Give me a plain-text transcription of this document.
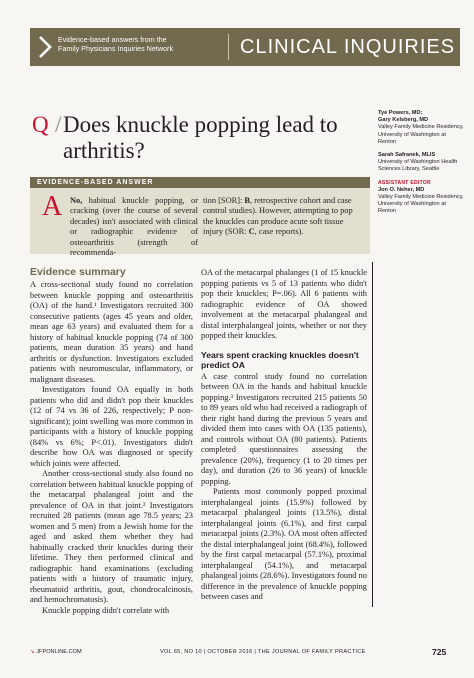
Evidence-based answers from the
Family Physicians Inquiries Network	CLINICAL INQUIRIES
Q / Does knuckle popping lead to arthritis?
Tye Powers, MD;
Gary Kelsberg, MD
Valley Family Medicine Residency, University of Washington at Renton
Sarah Safranek, MLIS
University of Washington Health Sciences Library, Seattle
ASSISTANT EDITOR
Jon O. Neher, MD
Valley Family Medicine Residency, University of Washington at Renton
EVIDENCE-BASED ANSWER
A No, habitual knuckle popping, or cracking (over the course of several decades) isn't associated with clinical or radiographic evidence of osteoarthritis (strength of recommenda-
tion [SOR]: B, retrospective cohort and case control studies). However, attempting to pop the knuckles can produce acute soft tissue injury (SOR: C, case reports).
Evidence summary

A cross-sectional study found no correlation between knuckle popping and osteoarthritis (OA) of the hand.¹ Investigators recruited 300 consecutive patients (ages 45 years and older, mean age 63 years) and evaluated them for a history of habitual knuckle popping (74 of 300 patients, mean duration 35 years) and hand arthritis or dysfunction. Investigators excluded patients with neuromuscular, inflammatory, or malignant diseases.

Investigators found OA equally in both patients who did and didn't pop their knuckles (12 of 74 vs 36 of 226, respectively; P non-significant); joint swelling was more common in participants with a history of knuckle popping (84% vs 6%; P<.01). Investigators didn't describe how OA was diagnosed or specify which joints were affected.

Another cross-sectional study also found no correlation between habitual knuckle popping of the metacarpal phalangeal joint and the prevalence of OA in that joint.² Investigators recruited 28 patients (mean age 78.5 years; 23 women and 5 men) from a Jewish home for the aged and asked them whether they had habitually cracked their knuckles during their lifetime. They then performed clinical and radiographic hand examinations (excluding patients with a history of traumatic injury, rheumatoid arthritis, gout, chondrocalcinosis, and hemochromatosis).

Knuckle popping didn't correlate with

OA of the metacarpal phalanges (1 of 15 knuckle popping patients vs 5 of 13 patients who didn't pop their knuckles; P=.06). All 6 patients with radiographic evidence of OA showed involvement at the metacarpal phalangeal and distal interphalangeal joints, whether or not they popped their knuckles.

Years spent cracking knuckles doesn't predict OA

A case control study found no correlation between OA in the hands and habitual knuckle popping.³ Investigators recruited 215 patients 50 to 89 years old who had received a radiograph of their right hand during the previous 5 years and divided them into cases with OA (135 patients), and controls without OA (80 patients). Patients completed questionnaires assessing the prevalence (20%), frequency (1 to 20 times per day), and duration (26 to 36 years) of knuckle popping.

Patients most commonly popped proximal interphalangeal joints (15.9%) followed by metacarpal phalangeal joints (13.5%), distal interphalangeal joints (6.1%), and first carpal metacarpal joints (2.3%). OA most often affected the distal interphalangeal joint (68.4%), followed by the first carpal metacarpal (57.1%), proximal interphalangeal (54.1%), and metacarpal phalangeal joints (28.6%). Investigators found no difference in the prevalence of knuckle popping between cases and

↘ JFPONLINE.COM	VOL 65, NO 10 | OCTOBER 2016 | THE JOURNAL OF FAMILY PRACTICE	725
